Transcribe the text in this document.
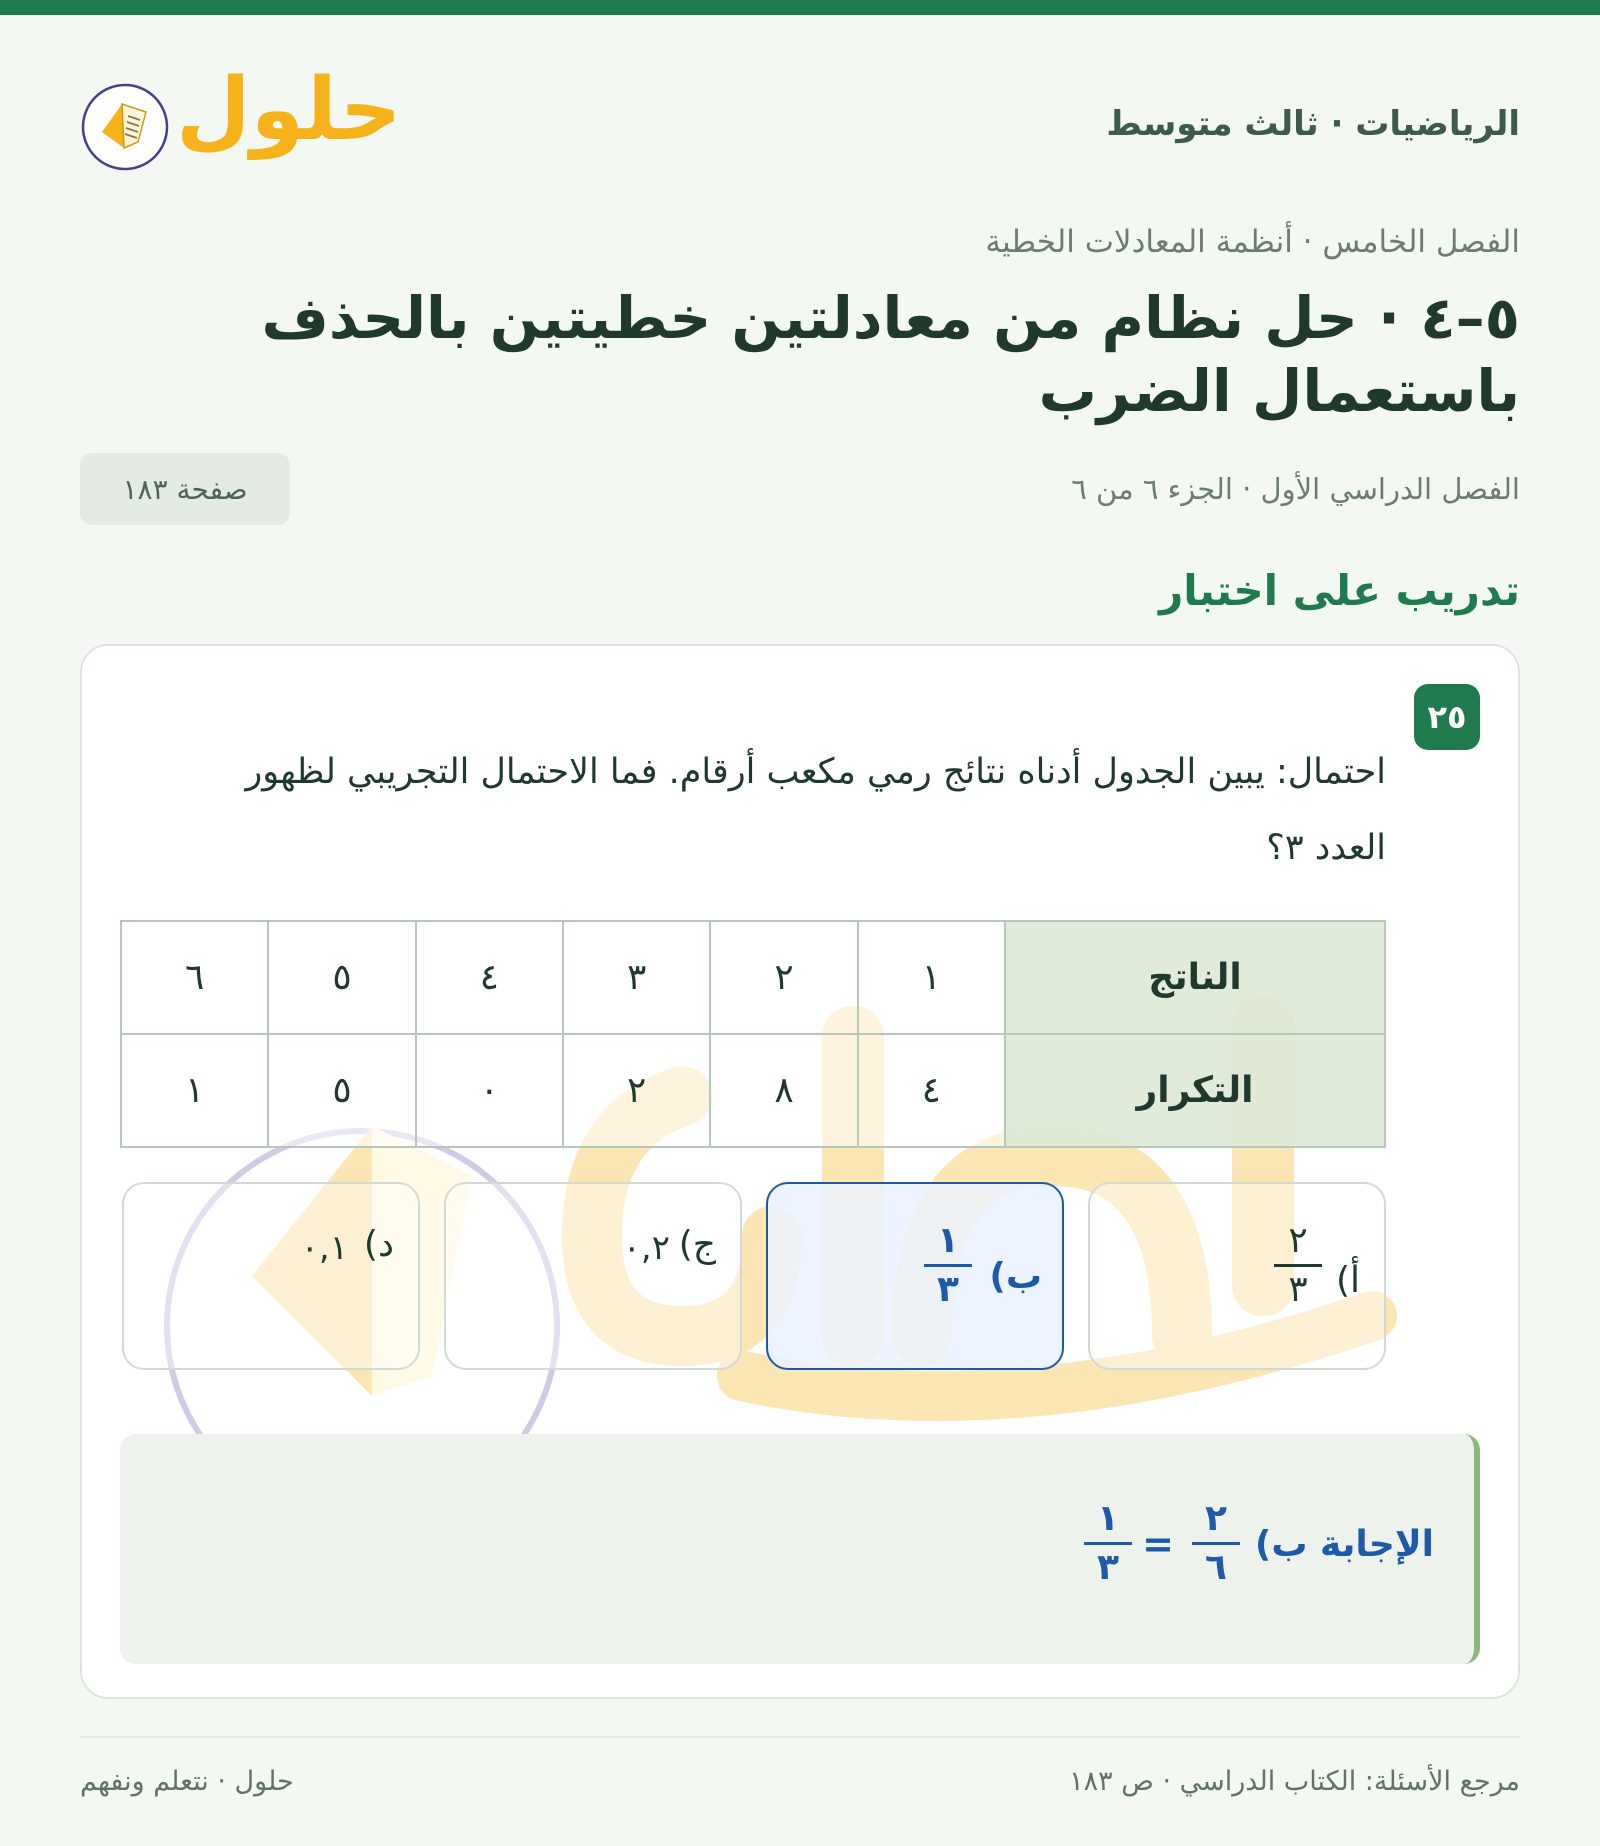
الرياضيات · ثالث متوسط
حلول
الفصل الخامس · أنظمة المعادلات الخطية
٥–٤ · حل نظام من معادلتين خطيتين بالحذف باستعمال الضرب
الفصل الدراسي الأول · الجزء ٦ من ٦
صفحة ١٨٣
تدريب على اختبار
٢٥

احتمال: يبين الجدول أدناه نتائج رمي مكعب أرقام. فما الاحتمال التجريبي لظهور العدد ٣؟

الناتج	١	٢	٣	٤	٥	٦
التكرار	٤	٨	٢	٠	٥	١
أ)
٢
٣
ب)
١
٣
ج)
٠,٢
د)
٠,١
الإجابة ب)
٢
٦
=
١
٣
مرجع الأسئلة: الكتاب الدراسي · ص ١٨٣
حلول · نتعلم ونفهم
